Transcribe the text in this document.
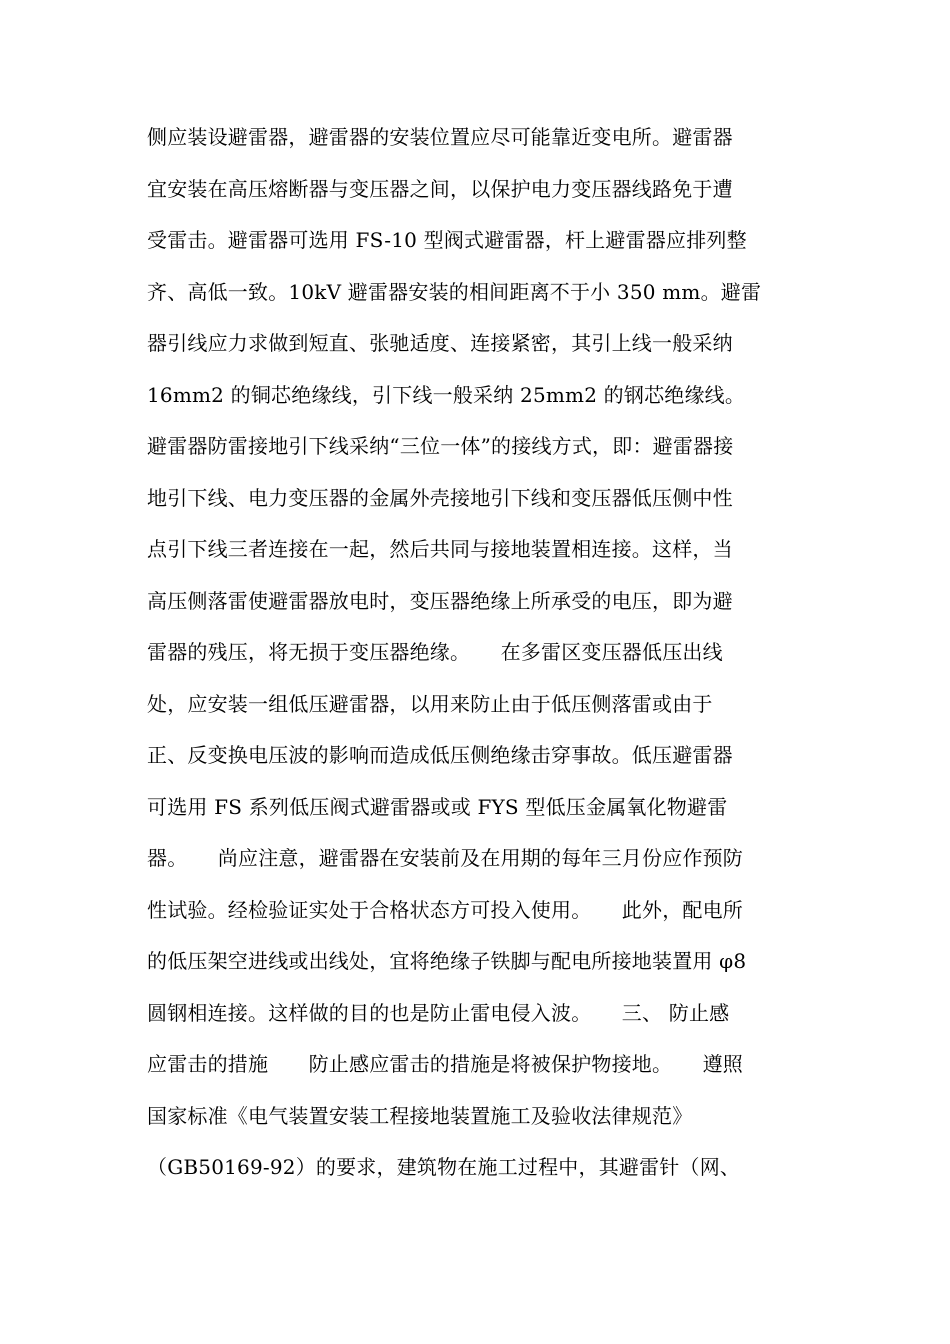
侧应装设避雷器，避雷器的安装位置应尽可能靠近变电所。避雷器
宜安装在高压熔断器与变压器之间，以保护电力变压器线路免于遭
受雷击。避雷器可选用 FS-10 型阀式避雷器，杆上避雷器应排列整
齐、高低一致。10kV 避雷器安装的相间距离不于小 350 mm。避雷
器引线应力求做到短直、张驰适度、连接紧密，其引上线一般采纳
16mm2 的铜芯绝缘线，引下线一般采纳 25mm2 的钢芯绝缘线。
避雷器防雷接地引下线采纳“三位一体”的接线方式，即：避雷器接
地引下线、电力变压器的金属外壳接地引下线和变压器低压侧中性
点引下线三者连接在一起，然后共同与接地装置相连接。这样，当
高压侧落雷使避雷器放电时，变压器绝缘上所承受的电压，即为避
雷器的残压，将无损于变压器绝缘。　　在多雷区变压器低压出线
处，应安装一组低压避雷器，以用来防止由于低压侧落雷或由于
正、反变换电压波的影响而造成低压侧绝缘击穿事故。低压避雷器
可选用 FS 系列低压阀式避雷器或或 FYS 型低压金属氧化物避雷
器。　　尚应注意，避雷器在安装前及在用期的每年三月份应作预防
性试验。经检验证实处于合格状态方可投入使用。　　此外，配电所
的低压架空进线或出线处，宜将绝缘子铁脚与配电所接地装置用 φ8
圆钢相连接。这样做的目的也是防止雷电侵入波。　　三、 防止感
应雷击的措施　　防止感应雷击的措施是将被保护物接地。　　遵照
国家标准《电气装置安装工程接地装置施工及验收法律规范》
（GB50169-92）的要求，建筑物在施工过程中，其避雷针（网、
